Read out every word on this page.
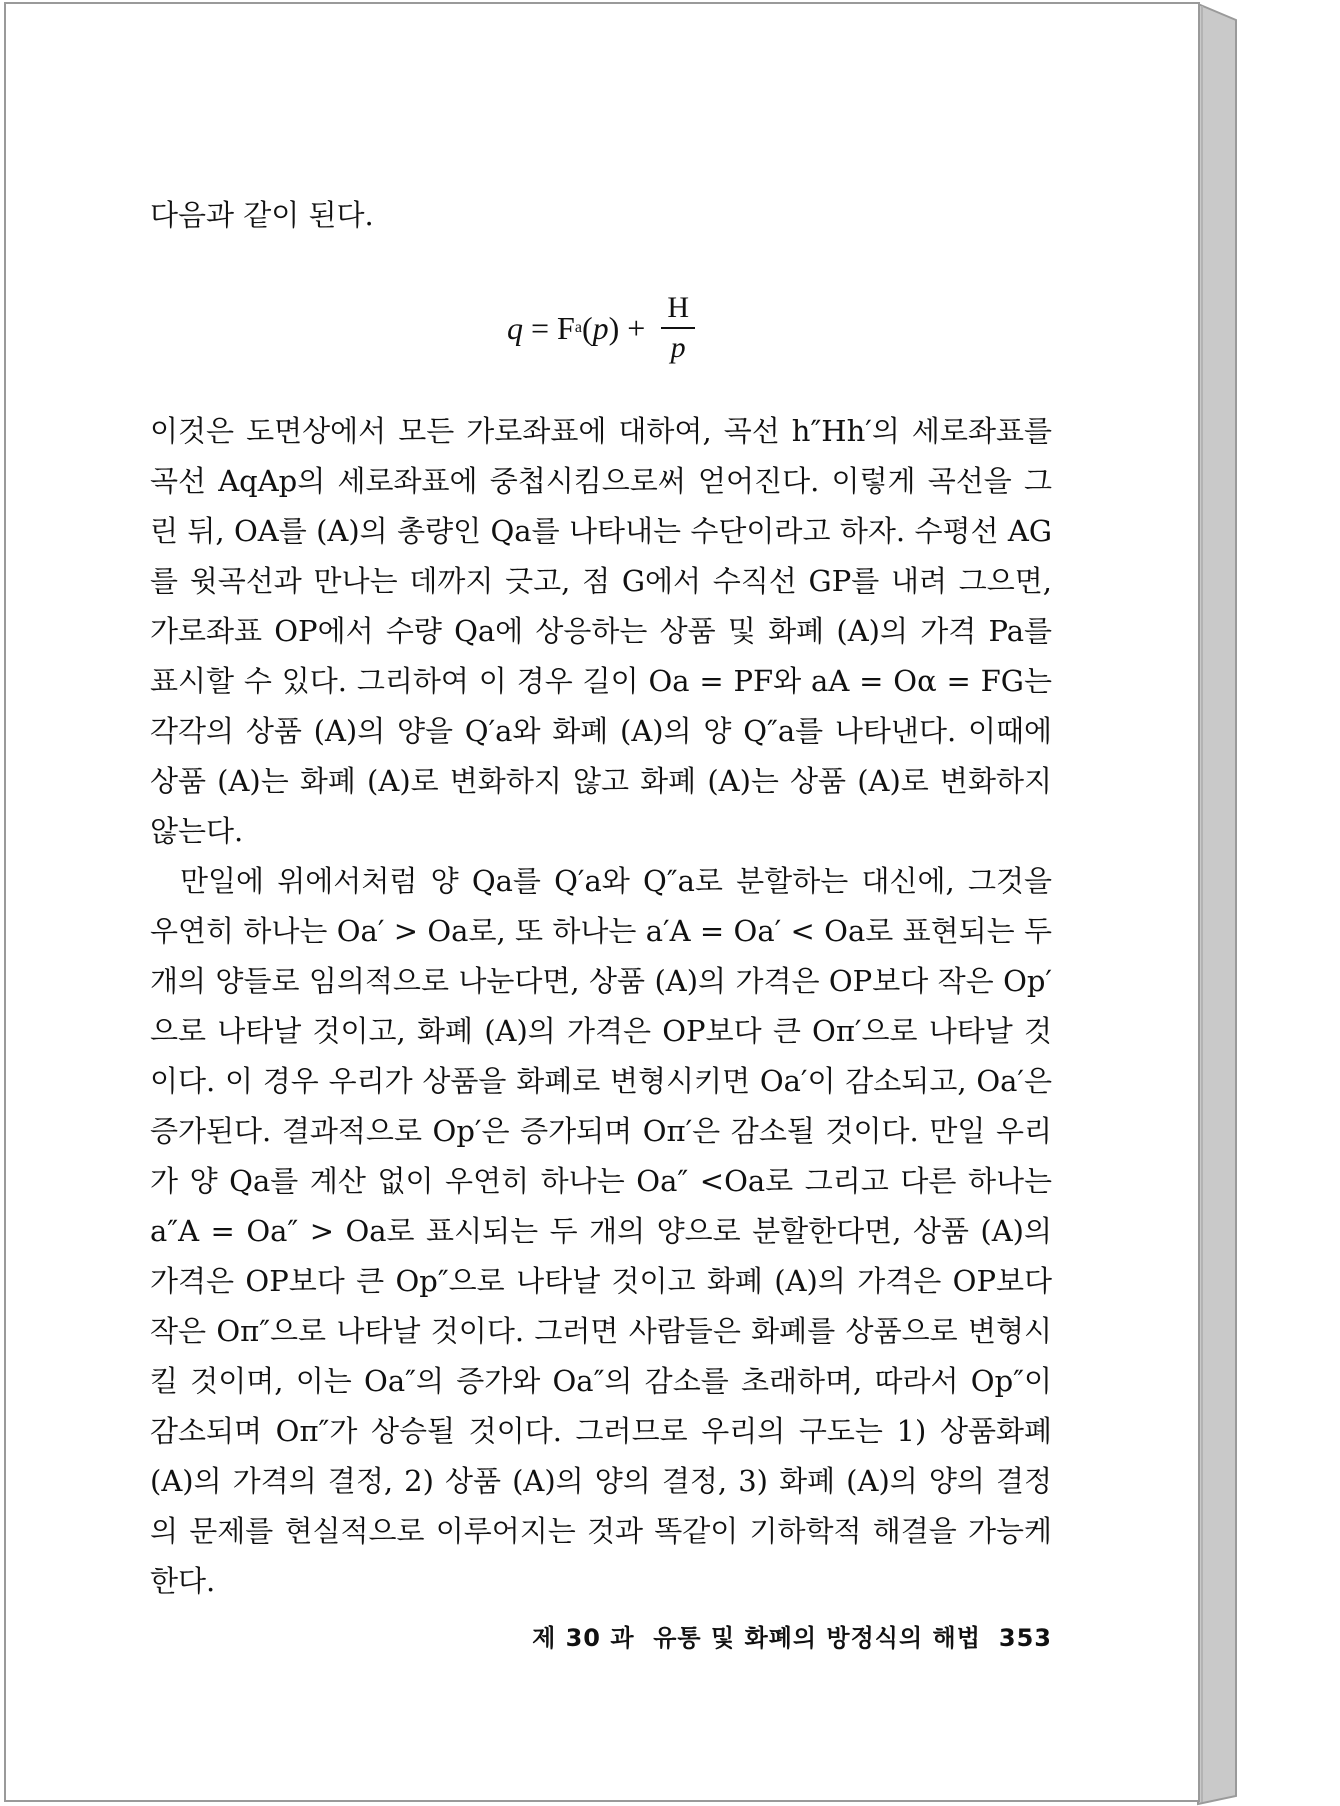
다음과 같이 된다.

q = F a ( p ) + $\frac{H}{p}$

이것은 도면상에서 모든 가로좌표에 대하여, 곡선 h″Hh′의 세로좌표를 곡선 AqAp의 세로좌표에 중첩시킴으로써 얻어진다. 이렇게 곡선을 그린 뒤, OA를 (A)의 총량인 Qa를 나타내는 수단이라고 하자. 수평선 AG를 윗곡선과 만나는 데까지 긋고, 점 G에서 수직선 GP를 내려 그으면, 가로좌표 OP에서 수량 Qa에 상응하는 상품 및 화폐 (A)의 가격 Pa를 표시할 수 있다. 그리하여 이 경우 길이 Oa = PF와 aA = Oα = FG는 각각의 상품 (A)의 양을 Q′a와 화폐 (A)의 양 Q″a를 나타낸다. 이때에 상품 (A)는 화폐 (A)로 변화하지 않고 화폐 (A)는 상품 (A)로 변화하지 않는다.

만일에 위에서처럼 양 Qa를 Q′a와 Q″a로 분할하는 대신에, 그것을 우연히 하나는 Oa′ > Oa로, 또 하나는 a′A = Oa′ < Oa로 표현되는 두 개의 양들로 임의적으로 나눈다면, 상품 (A)의 가격은 OP보다 작은 Op′으로 나타날 것이고, 화폐 (A)의 가격은 OP보다 큰 Oπ′으로 나타날 것이다. 이 경우 우리가 상품을 화폐로 변형시키면 Oa′이 감소되고, Oa′은 증가된다. 결과적으로 Op′은 증가되며 Oπ′은 감소될 것이다. 만일 우리가 양 Qa를 계산 없이 우연히 하나는 Oa″ <Oa로 그리고 다른 하나는 a″A = Oa″ > Oa로 표시되는 두 개의 양으로 분할한다면, 상품 (A)의 가격은 OP보다 큰 Op″으로 나타날 것이고 화폐 (A)의 가격은 OP보다 작은 Oπ″으로 나타날 것이다. 그러면 사람들은 화폐를 상품으로 변형시킬 것이며, 이는 Oa″의 증가와 Oa″의 감소를 초래하며, 따라서 Op″이 감소되며 Oπ″가 상승될 것이다. 그러므로 우리의 구도는 1) 상품화폐 (A)의 가격의 결정, 2) 상품 (A)의 양의 결정, 3) 화폐 (A)의 양의 결정의 문제를 현실적으로 이루어지는 것과 똑같이 기하학적 해결을 가능케 한다.

제 30 과  유통 및 화폐의 방정식의 해법 353
